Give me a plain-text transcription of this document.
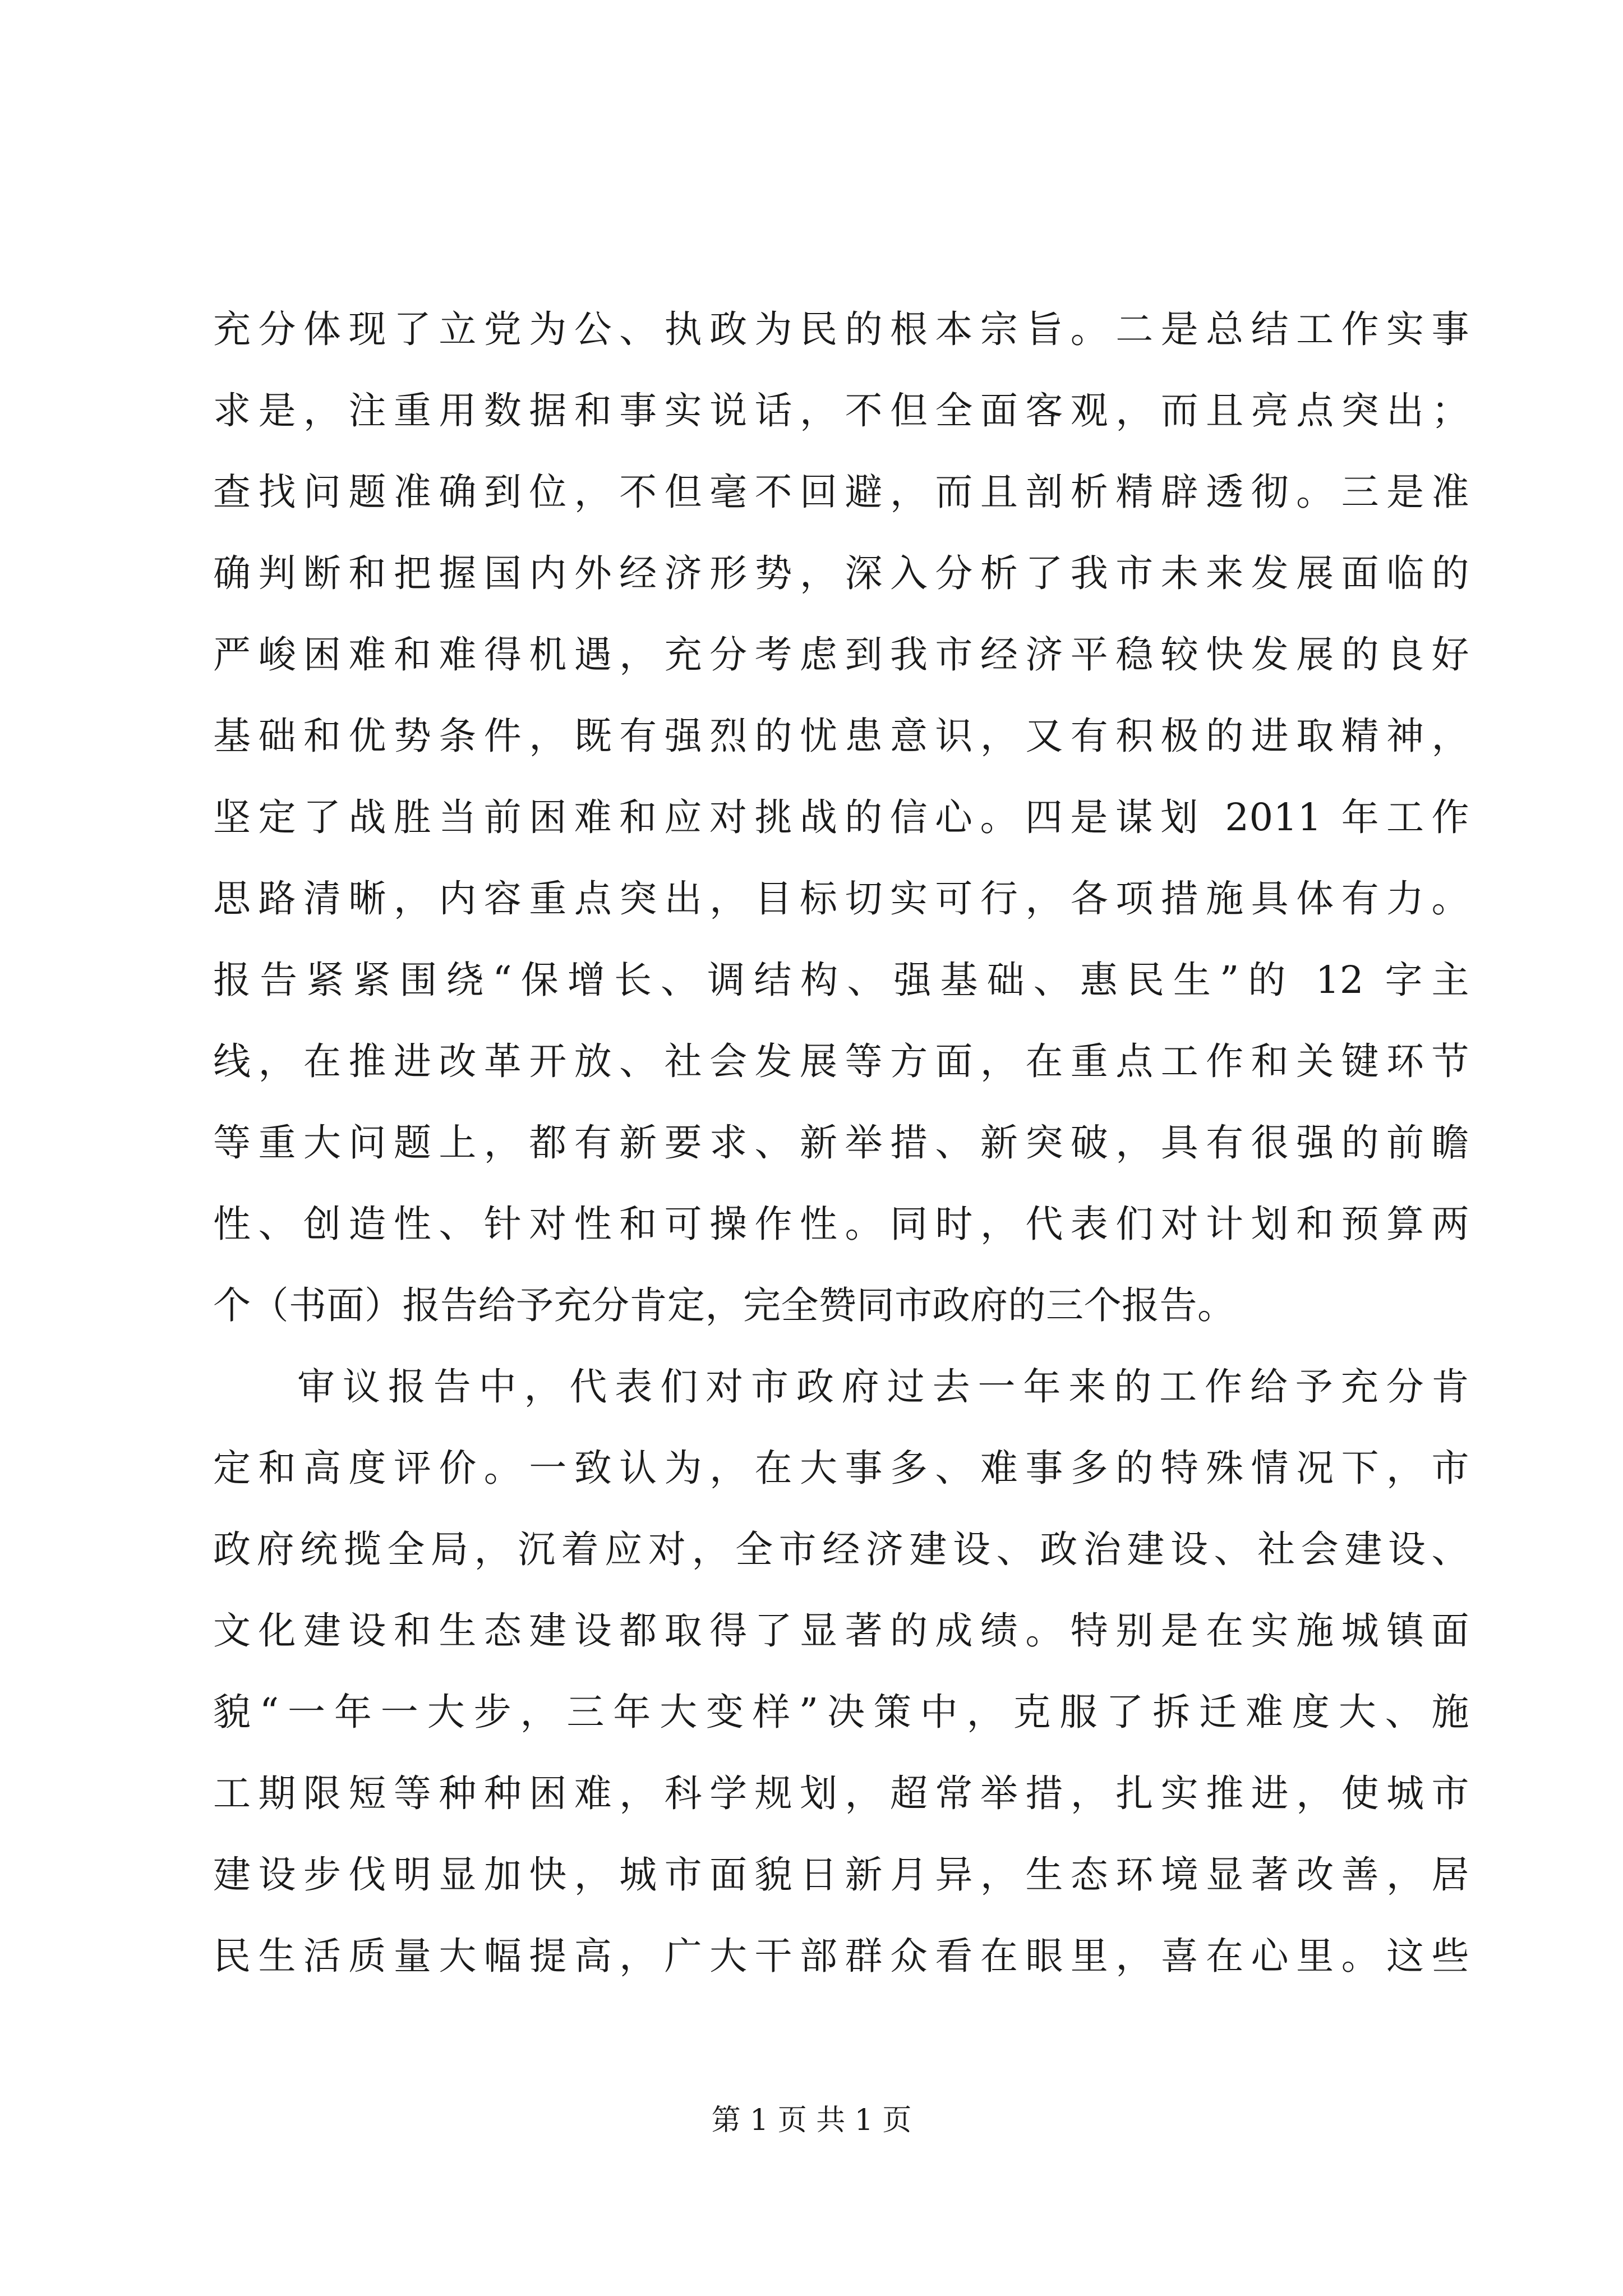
充分体现了立党为公、执政为民的根本宗旨。二是总结工作实事
求是，注重用数据和事实说话，不但全面客观，而且亮点突出；
查找问题准确到位，不但毫不回避，而且剖析精辟透彻。三是准
确判断和把握国内外经济形势，深入分析了我市未来发展面临的
严峻困难和难得机遇，充分考虑到我市经济平稳较快发展的良好
基础和优势条件，既有强烈的忧患意识，又有积极的进取精神，
坚定了战胜当前困难和应对挑战的信心。四是谋划 2011 年工作
思路清晰，内容重点突出，目标切实可行，各项措施具体有力。
报告紧紧围绕“保增长、调结构、强基础、惠民生”的 12 字主
线，在推进改革开放、社会发展等方面，在重点工作和关键环节
等重大问题上，都有新要求、新举措、新突破，具有很强的前瞻
性、创造性、针对性和可操作性。同时，代表们对计划和预算两
个（书面）报告给予充分肯定，完全赞同市政府的三个报告。
审议报告中，代表们对市政府过去一年来的工作给予充分肯
定和高度评价。一致认为，在大事多、难事多的特殊情况下，市
政府统揽全局，沉着应对，全市经济建设、政治建设、社会建设、
文化建设和生态建设都取得了显著的成绩。特别是在实施城镇面
貌“一年一大步，三年大变样”决策中，克服了拆迁难度大、施
工期限短等种种困难，科学规划，超常举措，扎实推进，使城市
建设步伐明显加快，城市面貌日新月异，生态环境显著改善，居
民生活质量大幅提高，广大干部群众看在眼里，喜在心里。这些
第 1 页 共 1 页
